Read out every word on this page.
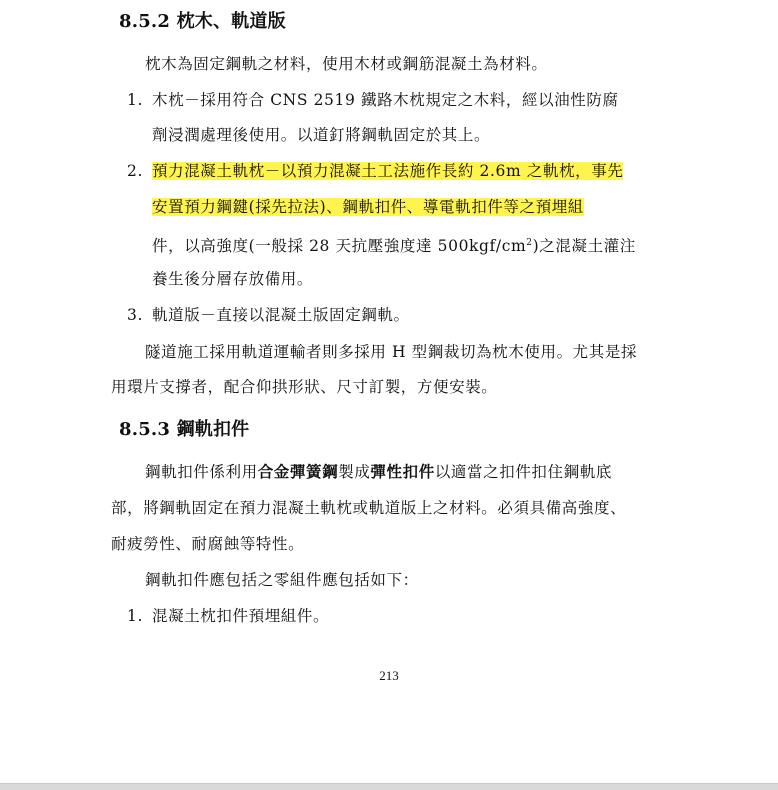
8.5.2 枕木、軌道版
枕木為固定鋼軌之材料，使用木材或鋼筋混凝土為材料。
1. 木枕－採用符合 CNS 2519 鐵路木枕規定之木料，經以油性防腐
劑浸潤處理後使用。以道釘將鋼軌固定於其上。
2. 預力混凝土軌枕－以預力混凝土工法施作長約 2.6m 之軌枕，事先
安置預力鋼鍵(採先拉法)、鋼軌扣件、導電軌扣件等之預埋組
件，以高強度(一般採 28 天抗壓強度達 $500kgf/cm^2$)之混凝土灌注
養生後分層存放備用。
3. 軌道版－直接以混凝土版固定鋼軌。
隧道施工採用軌道運輸者則多採用 H 型鋼裁切為枕木使用。尤其是採
用環片支撐者，配合仰拱形狀、尺寸訂製，方便安裝。
8.5.3 鋼軌扣件
鋼軌扣件係利用合金彈簧鋼製成彈性扣件以適當之扣件扣住鋼軌底
部，將鋼軌固定在預力混凝土軌枕或軌道版上之材料。必須具備高強度、
耐疲勞性、耐腐蝕等特性。
鋼軌扣件應包括之零組件應包括如下：
1. 混凝土枕扣件預埋組件。
213
